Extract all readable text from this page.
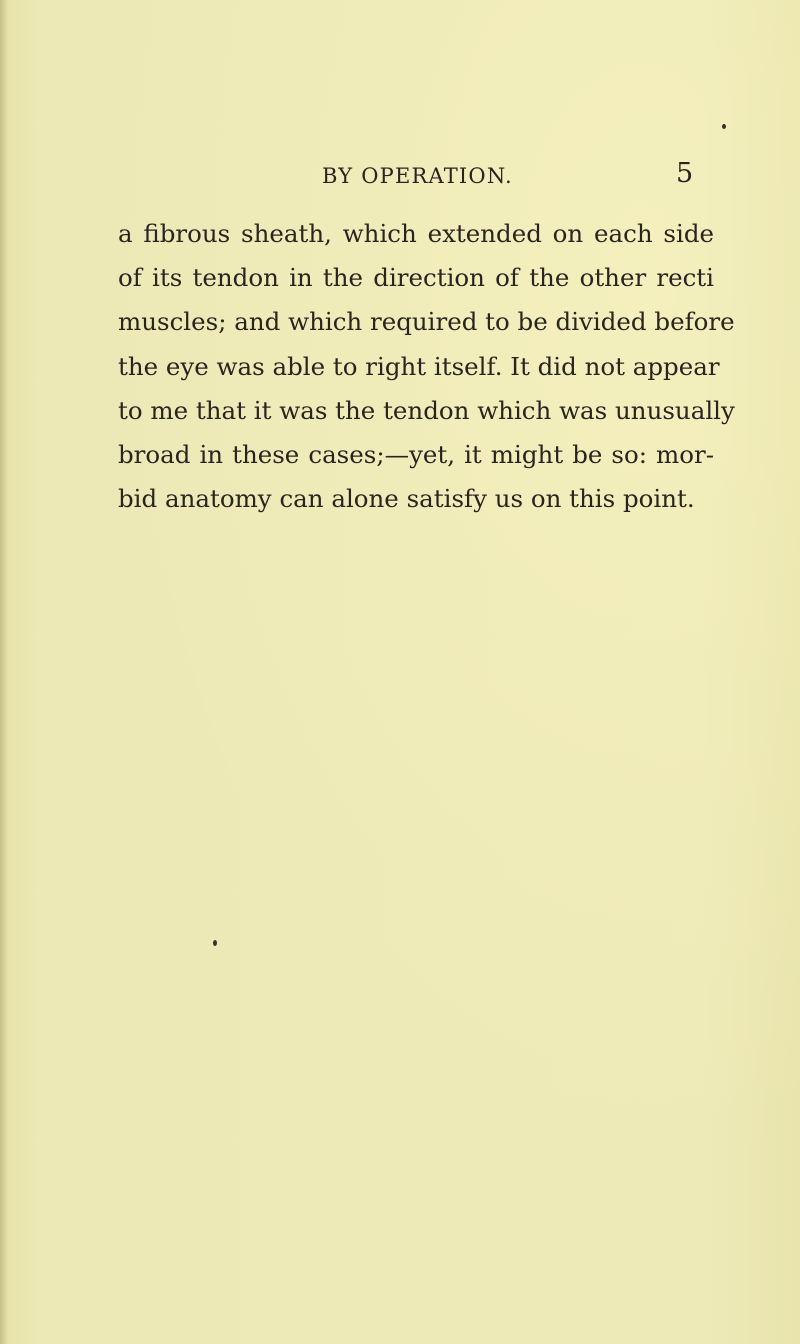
BY OPERATION.	5
a fibrous sheath, which extended on each side
of its tendon in the direction of the other recti
muscles; and which required to be divided before
the eye was able to right itself. It did not appear
to me that it was the tendon which was unusually
broad in these cases;—yet, it might be so: mor-
bid anatomy can alone satisfy us on this point.
